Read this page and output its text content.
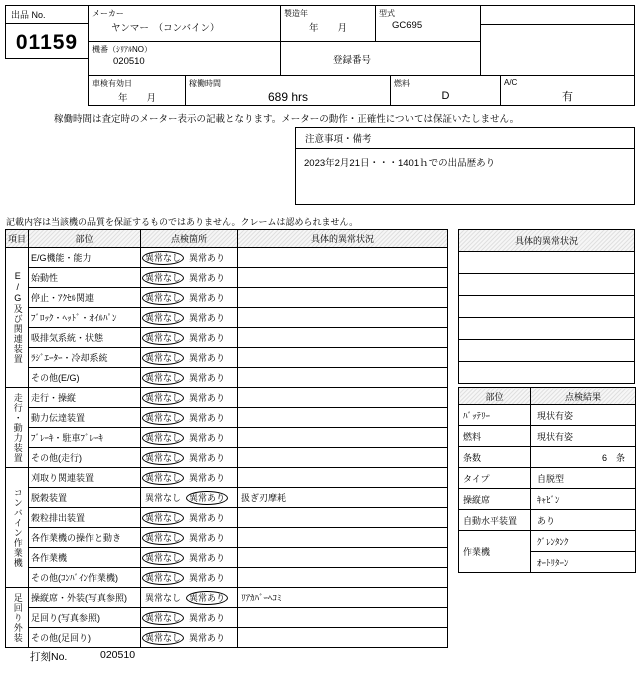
出品 No.
01159
メーカー
ヤンマー　（コンバイン）
製造年
年　　月
型式
GC695
機番（ｼﾘｱﾙNO）
020510	登録番号
車検有効日
年　　月
稼働時間
689 hrs
燃料
D
A/C
有
稼働時間は査定時のメーター表示の記載となります。メーターの動作・正確性については保証いたしません。
注意事項・備考
2023年2月21日・・・1401ｈでの出品歴あり
記載内容は当該機の品質を保証するものではありません。クレームは認められません。
項目	部位	点検箇所	具体的異常状況

E/G及び関連装置	E/G機能・能力	異常なし 異常あり	
	始動性	異常なし 異常あり	
	停止・ｱｸｾﾙ関連	異常なし 異常あり	
	ﾌﾞﾛｯｸ・ﾍｯﾄﾞ・ｵｲﾙﾊﾟﾝ	異常なし 異常あり	
	吸排気系統・状態	異常なし 異常あり	
	ﾗｼﾞｴｰﾀｰ・冷却系統	異常なし 異常あり	
	その他(E/G)	異常なし 異常あり	

走行・動力装置	走行・操縦	異常なし 異常あり	
	動力伝達装置	異常なし 異常あり	
	ﾌﾞﾚｰｷ・駐車ﾌﾞﾚｰｷ	異常なし 異常あり	
	その他(走行)	異常なし 異常あり	

コンバイン作業機	刈取り関連装置	異常なし 異常あり	
	脱穀装置	異常なし 異常あり	扱ぎ刃摩耗
	穀粒排出装置	異常なし 異常あり	
	各作業機の操作と動き	異常なし 異常あり	
	各作業機	異常なし 異常あり	
	その他(ｺﾝﾊﾞｲﾝ作業機)	異常なし 異常あり	

足回り外装	操縦席・外装(写真参照)	異常なし 異常あり	ﾘｱｶﾊﾞｰﾍｺﾐ
	足回り(写真参照)	異常なし 異常あり	
	その他(足回り)	異常なし 異常あり	
具体的異常状況
部位	点検結果
ﾊﾞｯﾃﾘｰ	現状有姿
燃料	現状有姿
条数	6　条
タイプ	自脱型
操縦席	ｷｬﾋﾞﾝ
自動水平装置	あり
作業機	ｸﾞﾚﾝﾀﾝｸ
	ｵｰﾄﾘﾀｰﾝ
打刻No.	020510
